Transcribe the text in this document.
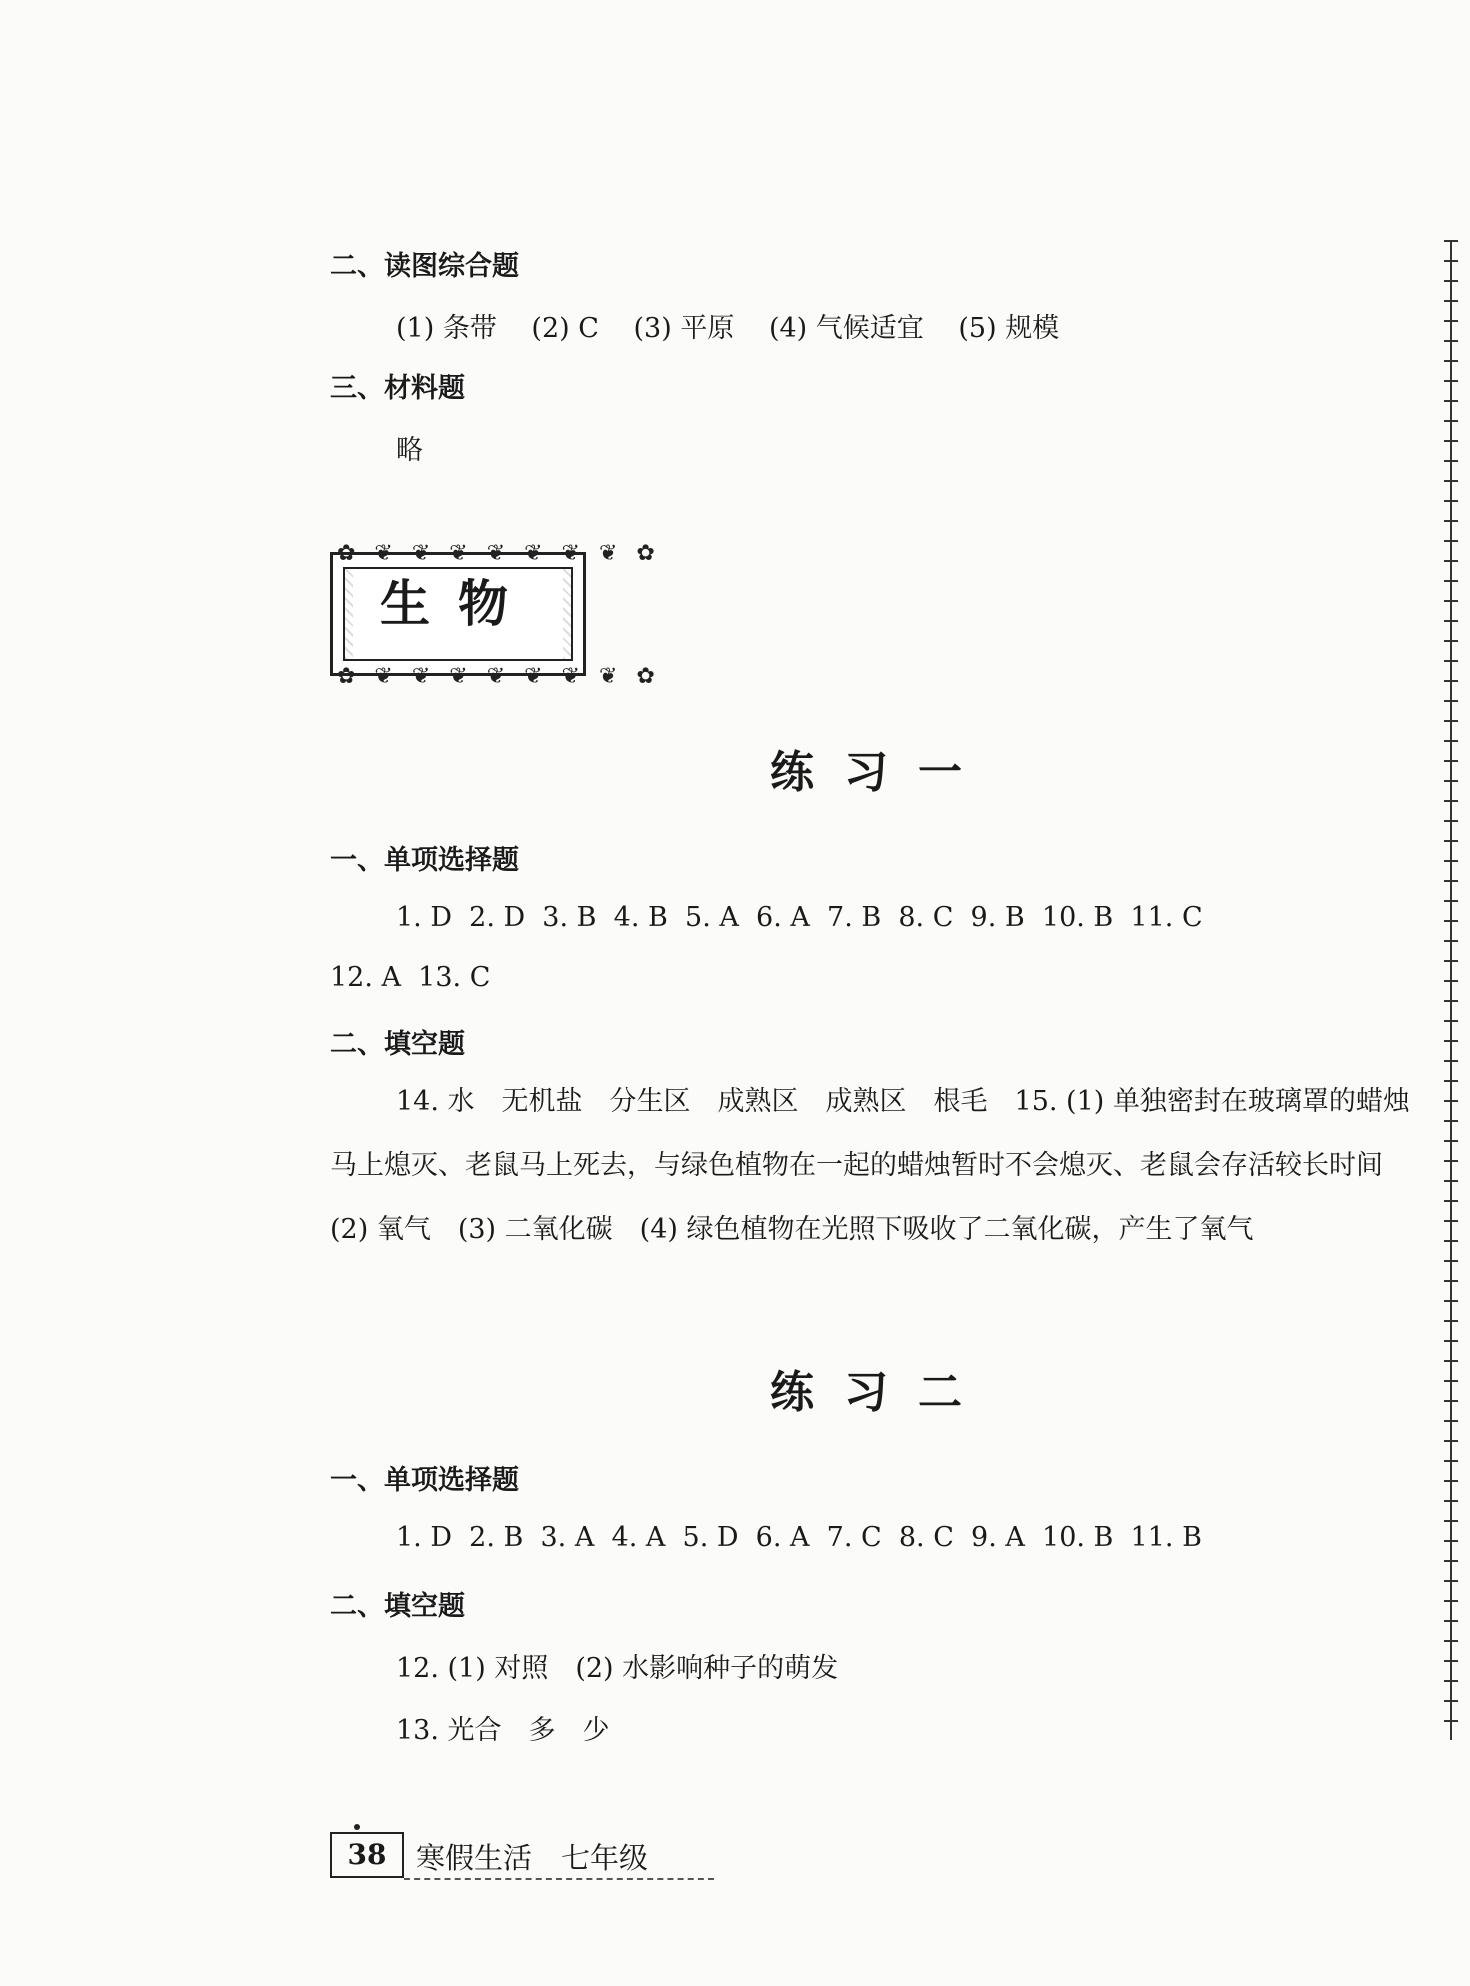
二、读图综合题
(1) 条带 (2) C (3) 平原 (4) 气候适宜 (5) 规模
三、材料题
略
✿ ❦ ❦ ❦ ❦ ❦ ❦ ❦ ✿
✿ ❦ ❦ ❦ ❦ ❦ ❦ ❦ ✿
生物
练习一
一、单项选择题
1. D  2. D  3. B  4. B  5. A  6. A  7. B  8. C  9. B  10. B  11. C
12. A  13. C
二、填空题
14. 水　无机盐　分生区　成熟区　成熟区　根毛　15. (1) 单独密封在玻璃罩的蜡烛马上熄灭、老鼠马上死去，与绿色植物在一起的蜡烛暂时不会熄灭、老鼠会存活较长时间　(2) 氧气　(3) 二氧化碳　(4) 绿色植物在光照下吸收了二氧化碳，产生了氧气
练习二
一、单项选择题
1. D  2. B  3. A  4. A  5. D  6. A  7. C  8. C  9. A  10. B  11. B
二、填空题
12. (1) 对照　(2) 水影响种子的萌发
13. 光合　多　少
38	寒假生活　七年级
